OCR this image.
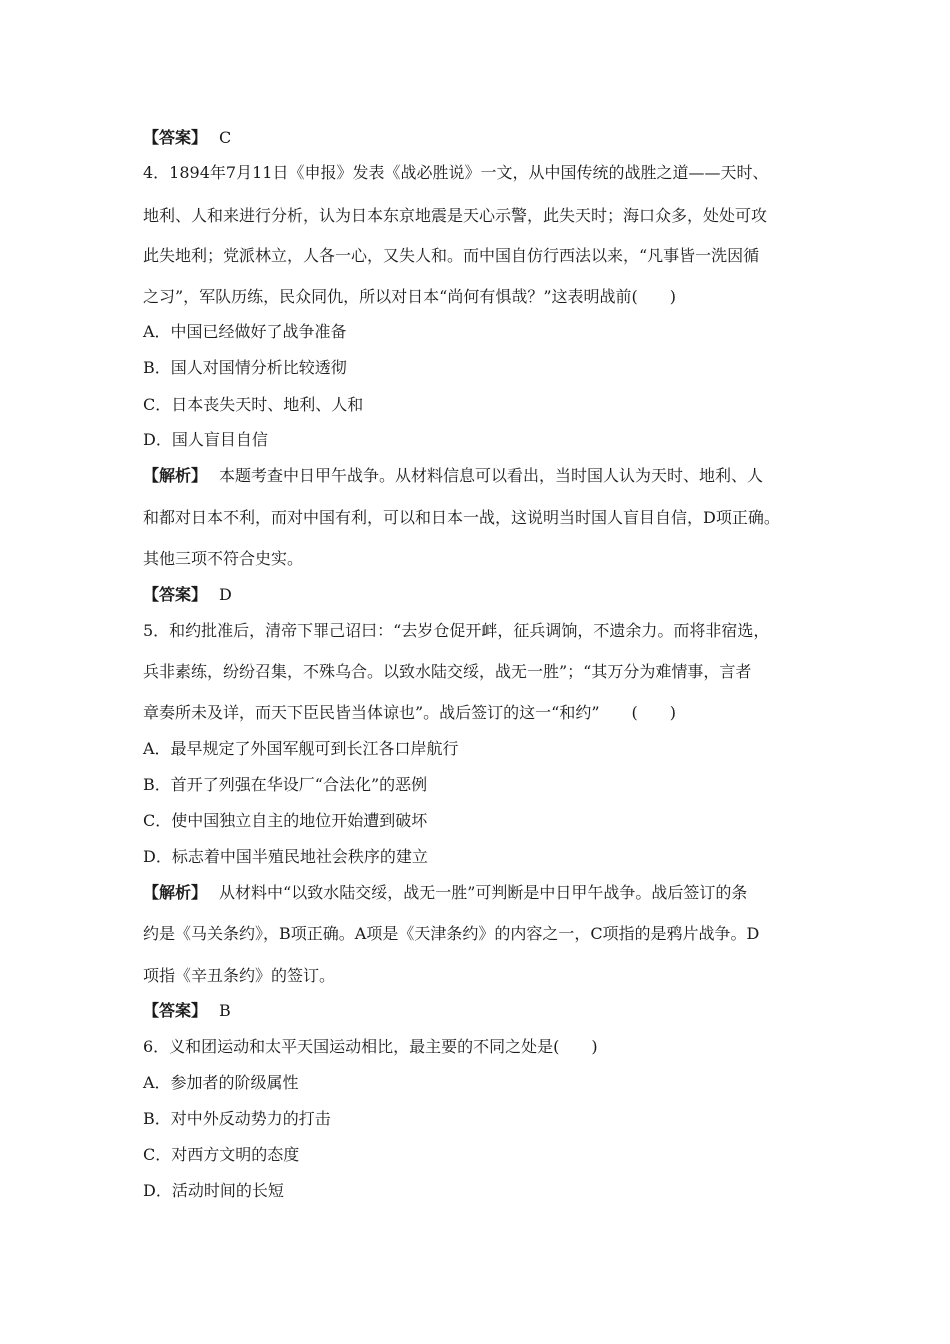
【答案】 C
4．1894年7月11日《申报》发表《战必胜说》一文，从中国传统的战胜之道——天时、
地利、人和来进行分析，认为日本东京地震是天心示警，此失天时；海口众多，处处可攻
此失地利；党派林立，人各一心，又失人和。而中国自仿行西法以来，“凡事皆一洗因循
之习”，军队历练，民众同仇，所以对日本“尚何有惧哉？”这表明战前(　　)
A．中国已经做好了战争准备
B．国人对国情分析比较透彻
C．日本丧失天时、地利、人和
D．国人盲目自信
【解析】 本题考查中日甲午战争。从材料信息可以看出，当时国人认为天时、地利、人
和都对日本不利，而对中国有利，可以和日本一战，这说明当时国人盲目自信，D项正确。
其他三项不符合史实。
【答案】 D
5．和约批准后，清帝下罪己诏曰：“去岁仓促开衅，征兵调饷，不遗余力。而将非宿选，
兵非素练，纷纷召集，不殊乌合。以致水陆交绥，战无一胜”；“其万分为难情事，言者
章奏所未及详，而天下臣民皆当体谅也”。战后签订的这一“和约”　　(　　)
A．最早规定了外国军舰可到长江各口岸航行
B．首开了列强在华设厂“合法化”的恶例
C．使中国独立自主的地位开始遭到破坏
D．标志着中国半殖民地社会秩序的建立
【解析】 从材料中“以致水陆交绥，战无一胜”可判断是中日甲午战争。战后签订的条
约是《马关条约》，B项正确。A项是《天津条约》的内容之一，C项指的是鸦片战争。D
项指《辛丑条约》的签订。
【答案】 B
6．义和团运动和太平天国运动相比，最主要的不同之处是(　　)
A．参加者的阶级属性
B．对中外反动势力的打击
C．对西方文明的态度
D．活动时间的长短
